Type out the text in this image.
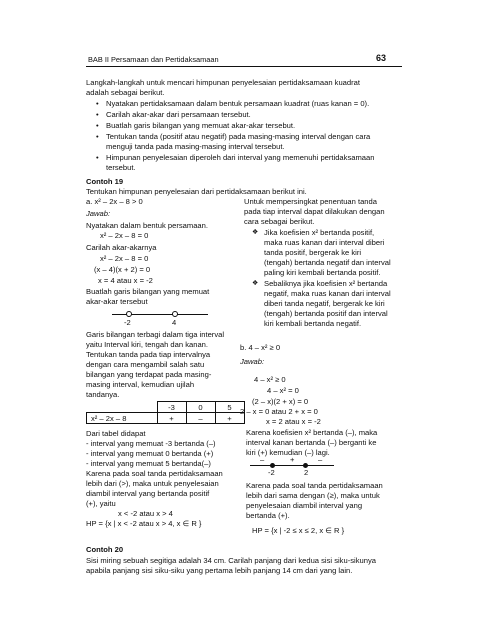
BAB II Persamaan dan Pertidaksamaan	63
Langkah-langkah untuk mencari himpunan penyelesaian pertidaksamaan kuadrat
adalah sebagai berikut.
• Nyatakan pertidaksamaan dalam bentuk persamaan kuadrat (ruas kanan = 0).
• Carilah akar-akar dari persamaan tersebut.
• Buatlah garis bilangan yang memuat akar-akar tersebut.
• Tentukan tanda (positif atau negatif) pada masing-masing interval dengan cara
menguji tanda pada masing-masing interval tersebut.
• Himpunan penyelesaian diperoleh dari interval yang memenuhi pertidaksamaan
tersebut.
Contoh 19
Tentukan himpunan penyelesaian dari pertidaksamaan berikut ini.
a. x² – 2x – 8 > 0
Jawab:
Nyatakan dalam bentuk persamaan.
x² – 2x – 8 = 0
Carilah akar-akarnya
x² – 2x – 8 = 0
(x – 4)(x + 2) = 0
x = 4 atau x = -2
Buatlah garis bilangan yang memuat
akar-akar tersebut
-2	4
Garis bilangan terbagi dalam tiga interval
yaitu Interval kiri, tengah dan kanan.
Tentukan tanda pada tiap intervalnya
dengan cara mengambil salah satu
bilangan yang terdapat pada masing-
masing interval, kemudian ujilah
tandanya.
	-3	0	5
x² – 2x – 8	+	–	+
Dari tabel didapat
- interval yang memuat -3 bertanda (–)
- interval yang memuat 0 bertanda (+)
- interval yang memuat 5 bertanda(–)
Karena pada soal tanda pertidaksamaan
lebih dari (>), maka untuk penyelesaian
diambil interval yang bertanda positif
(+), yaitu
x < -2 atau x > 4
HP = {x | x < -2 atau x > 4, x ∈ R }
Untuk mempersingkat penentuan tanda
pada tiap interval dapat dilakukan dengan
cara sebagai berikut.
❖ Jika koefisien x² bertanda positif,
maka ruas kanan dari interval diberi
tanda positif, bergerak ke kiri
(tengah) bertanda negatif dan interval
paling kiri kembali bertanda positif.
❖ Sebaliknya jika koefisien x² bertanda
negatif, maka ruas kanan dari interval
diberi tanda negatif, bergerak ke kiri
(tengah) bertanda positif dan interval
kiri kembali bertanda negatif.
b. 4 – x² ≥ 0
Jawab:
4 – x² ≥ 0
4 – x² = 0
(2 – x)(2 + x) = 0
2 – x = 0 atau 2 + x = 0
x = 2 atau x = -2
Karena koefisien x² bertanda (–), maka
interval kanan bertanda (–) berganti ke
kiri (+) kemudian (–) lagi.
–	+	–
-2	2
Karena pada soal tanda pertidaksamaan
lebih dari sama dengan (≥), maka untuk
penyelesaian diambil interval yang
bertanda (+).
HP = {x | -2 ≤ x ≤ 2, x ∈ R }
Contoh 20
Sisi miring sebuah segitiga adalah 34 cm. Carilah panjang dari kedua sisi siku-sikunya
apabila panjang sisi siku-siku yang pertama lebih panjang 14 cm dari yang lain.
